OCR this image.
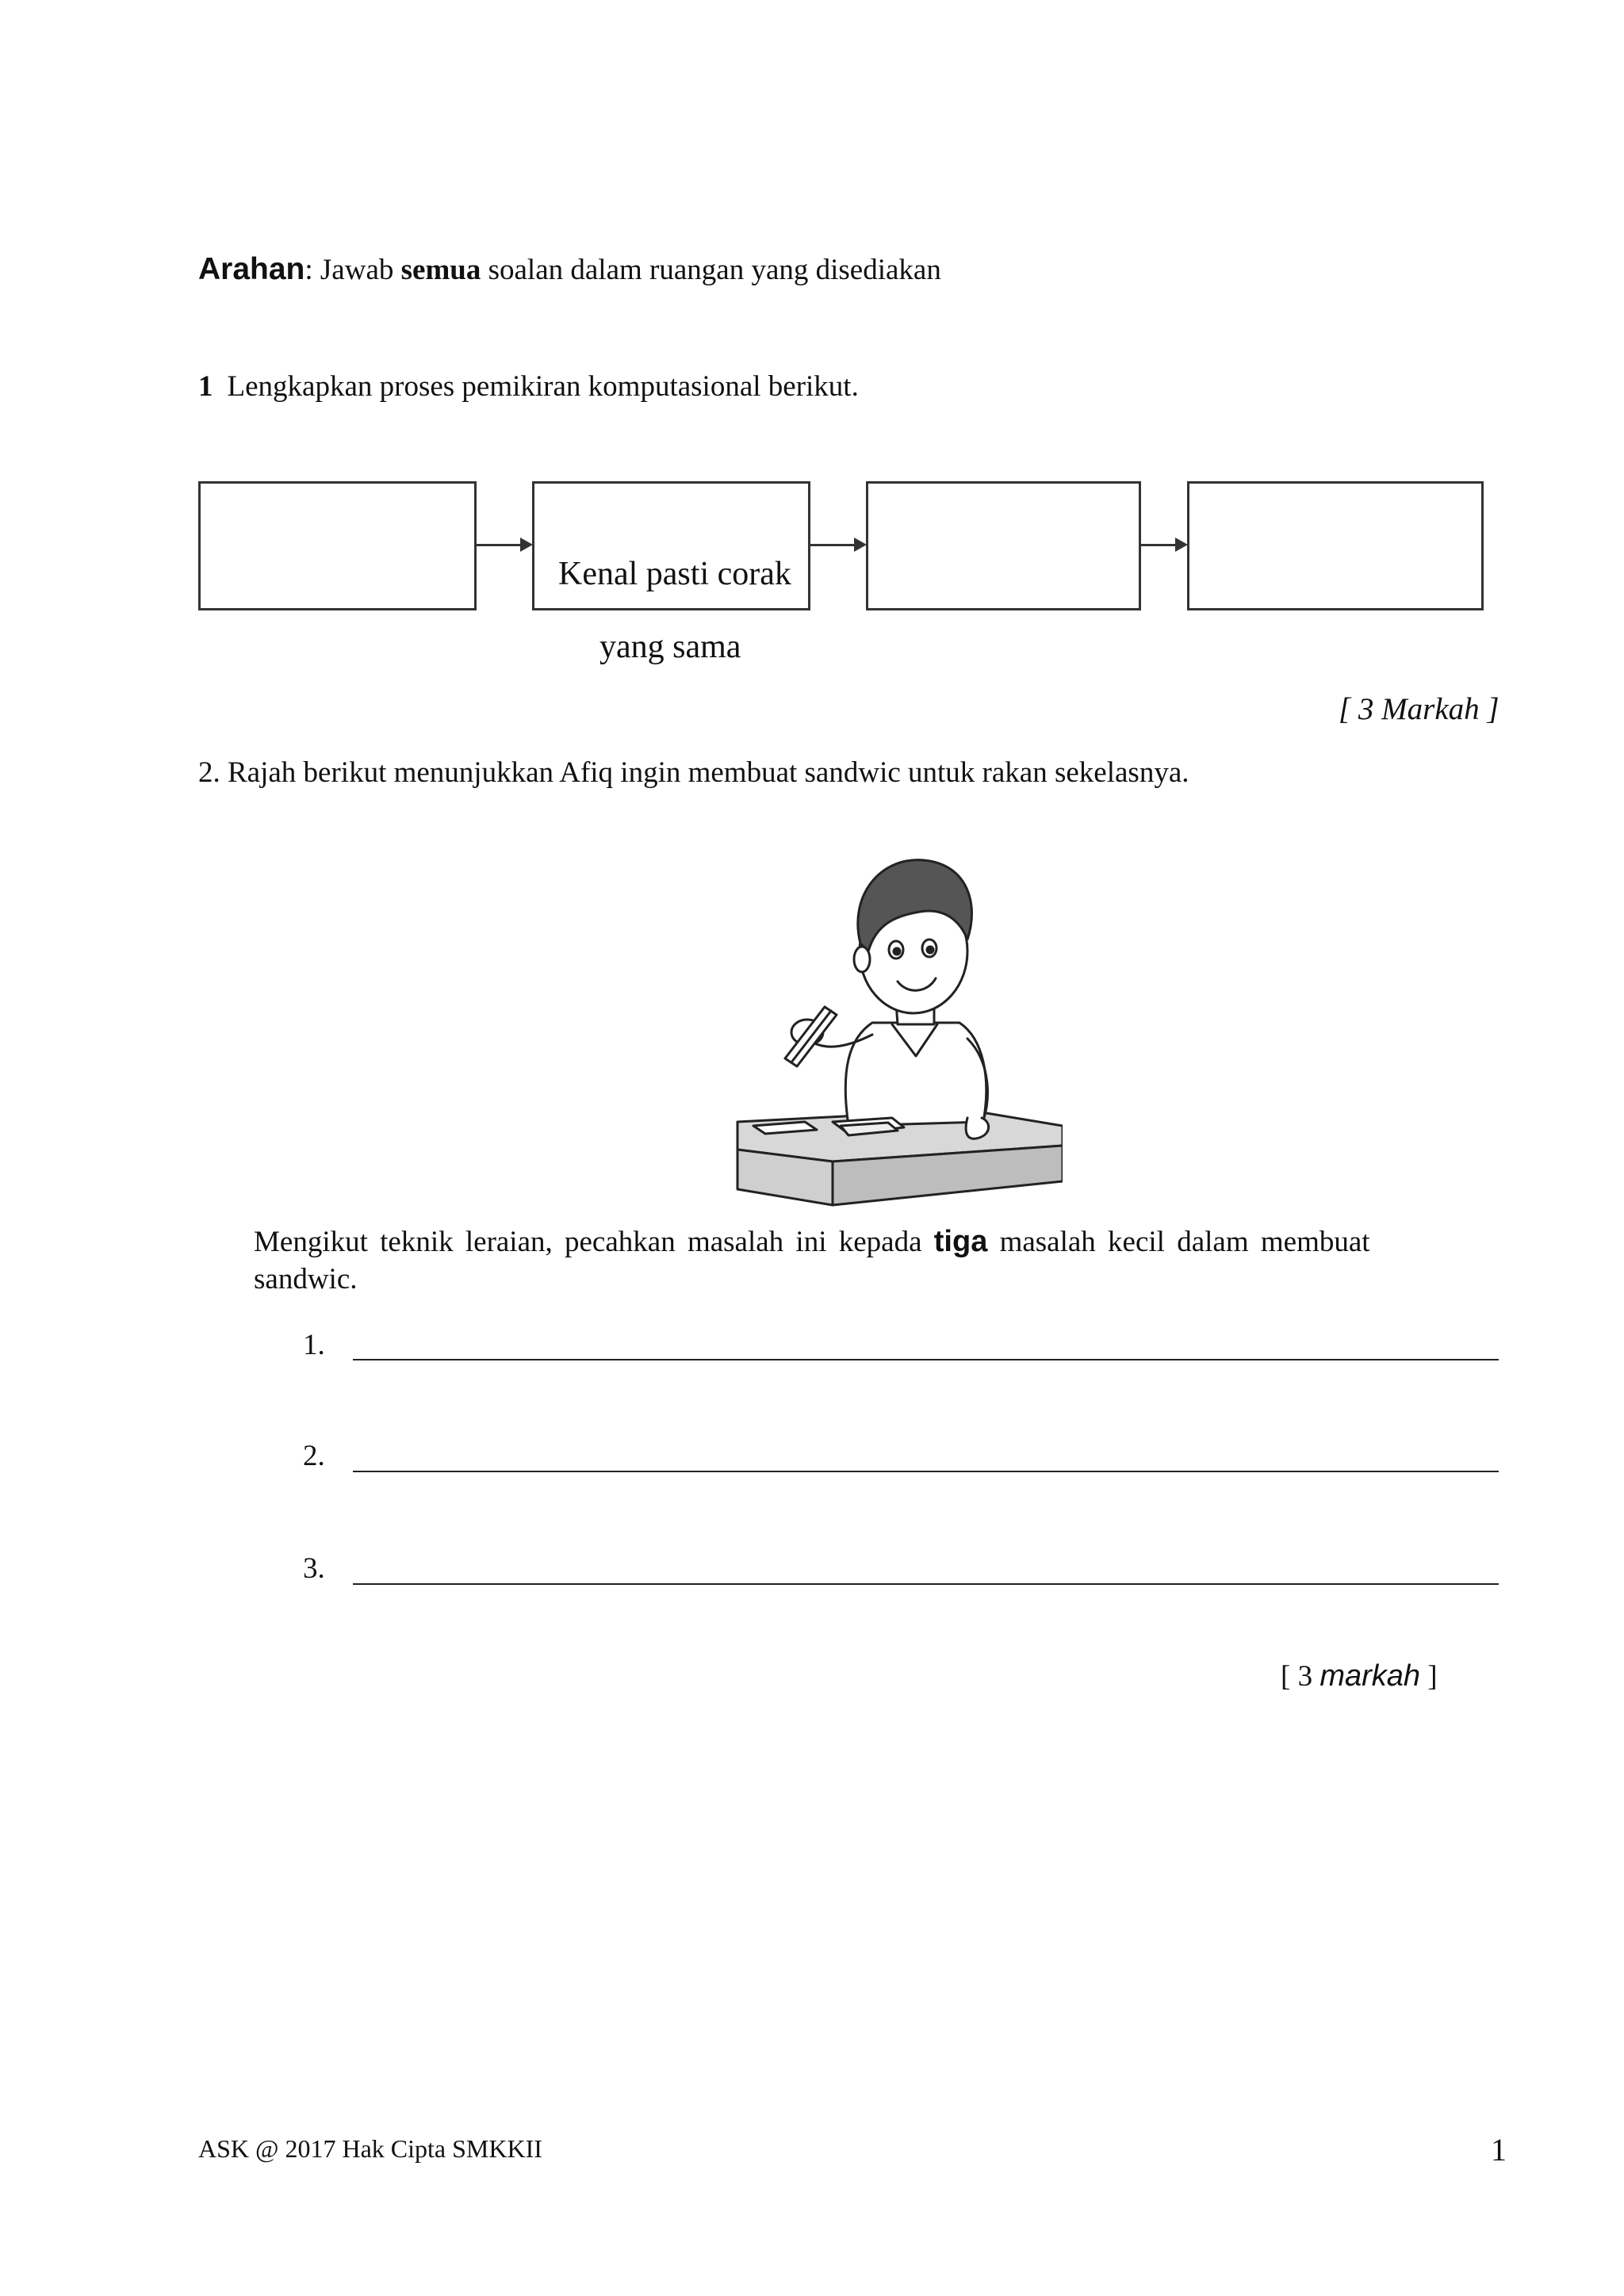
Arahan: Jawab semua soalan dalam ruangan yang disediakan
1 Lengkapkan proses pemikiran komputasional berikut.
Kenal pasti corak
yang sama
[ 3 Markah ]
2. Rajah berikut menunjukkan Afiq ingin membuat sandwic untuk rakan sekelasnya.
Mengikut teknik leraian, pecahkan masalah ini kepada tiga masalah kecil dalam membuat
sandwic.
1.
2.
3.
[ 3 markah ]
ASK @ 2017 Hak Cipta SMKKII	1
